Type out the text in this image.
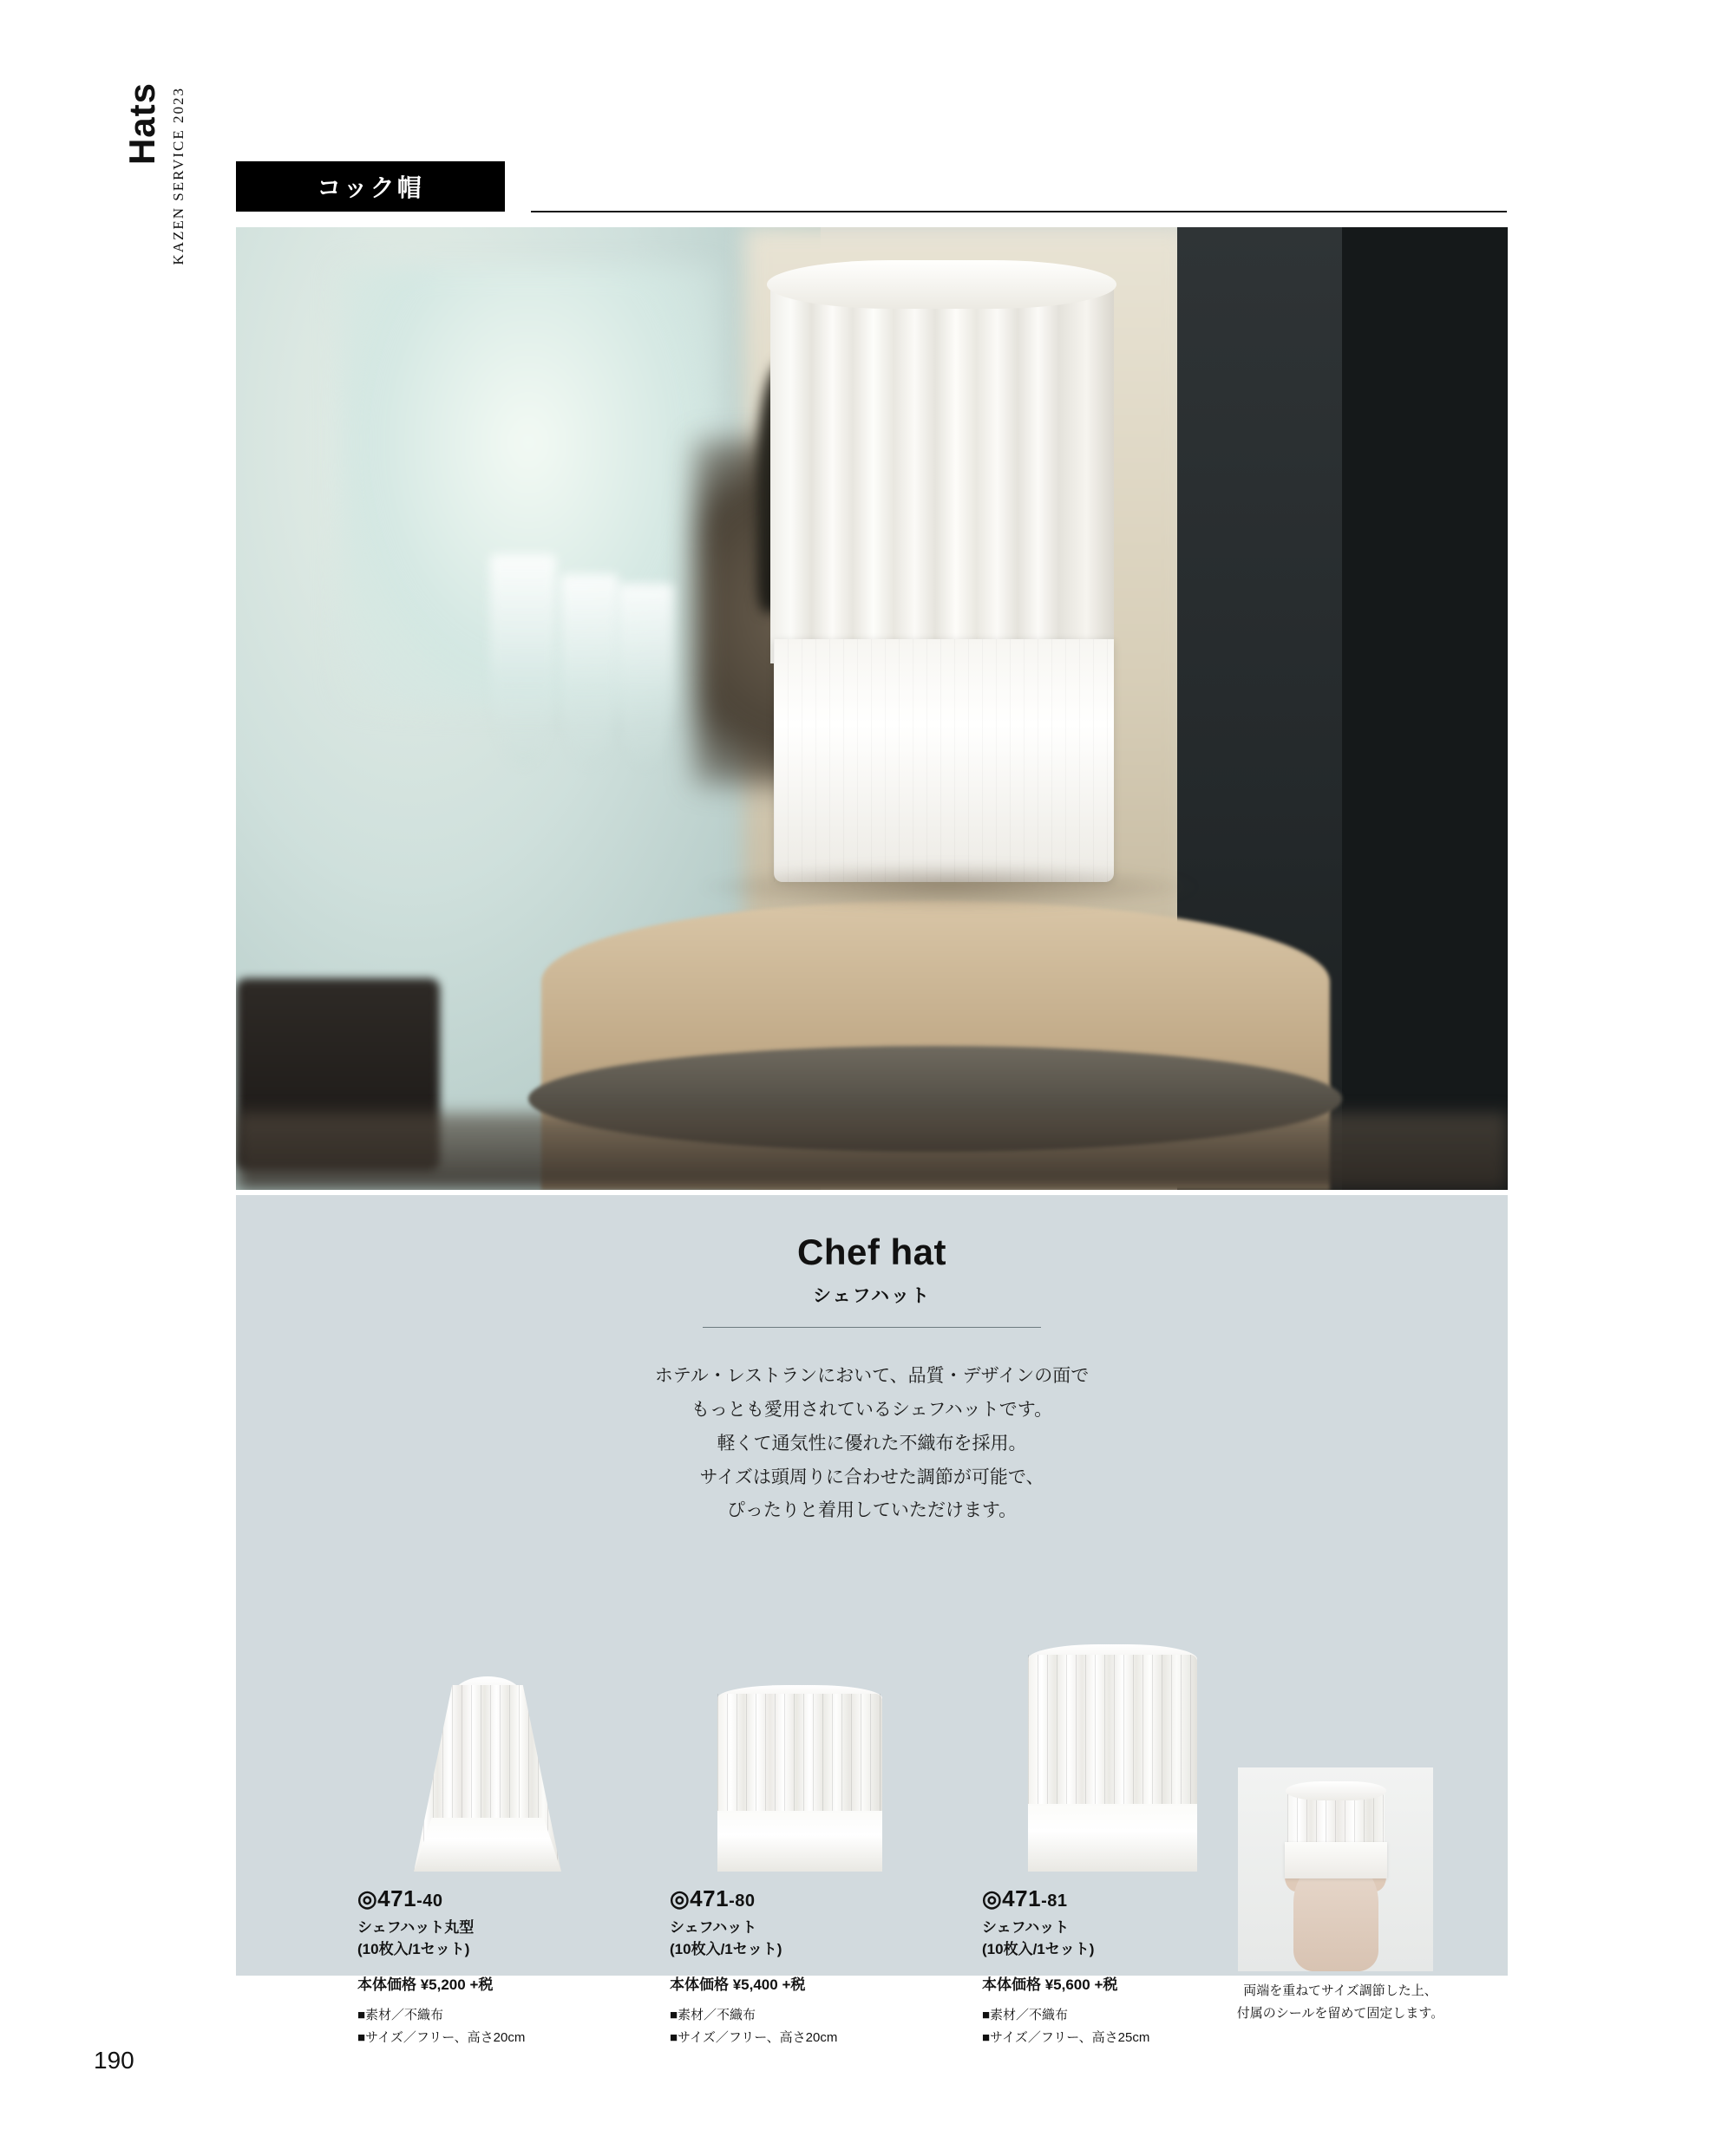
Hats KAZEN SERVICE 2023	コック帽
Chef hat
シェフハット
ホテル・レストランにおいて、品質・デザインの面で
もっとも愛用されているシェフハットです。
軽くて通気性に優れた不織布を採用。
サイズは頭周りに合わせた調節が可能で、
ぴったりと着用していただけます。
◎471-40
シェフハット丸型
(10枚入/1セット)
本体価格 ¥5,200 +税
■素材／不織布
■サイズ／フリー、高さ20cm
◎471-80
シェフハット
(10枚入/1セット)
本体価格 ¥5,400 +税
■素材／不織布
■サイズ／フリー、高さ20cm
◎471-81
シェフハット
(10枚入/1セット)
本体価格 ¥5,600 +税
■素材／不織布
■サイズ／フリー、高さ25cm
両端を重ねてサイズ調節した上、
付属のシールを留めて固定します。
190
